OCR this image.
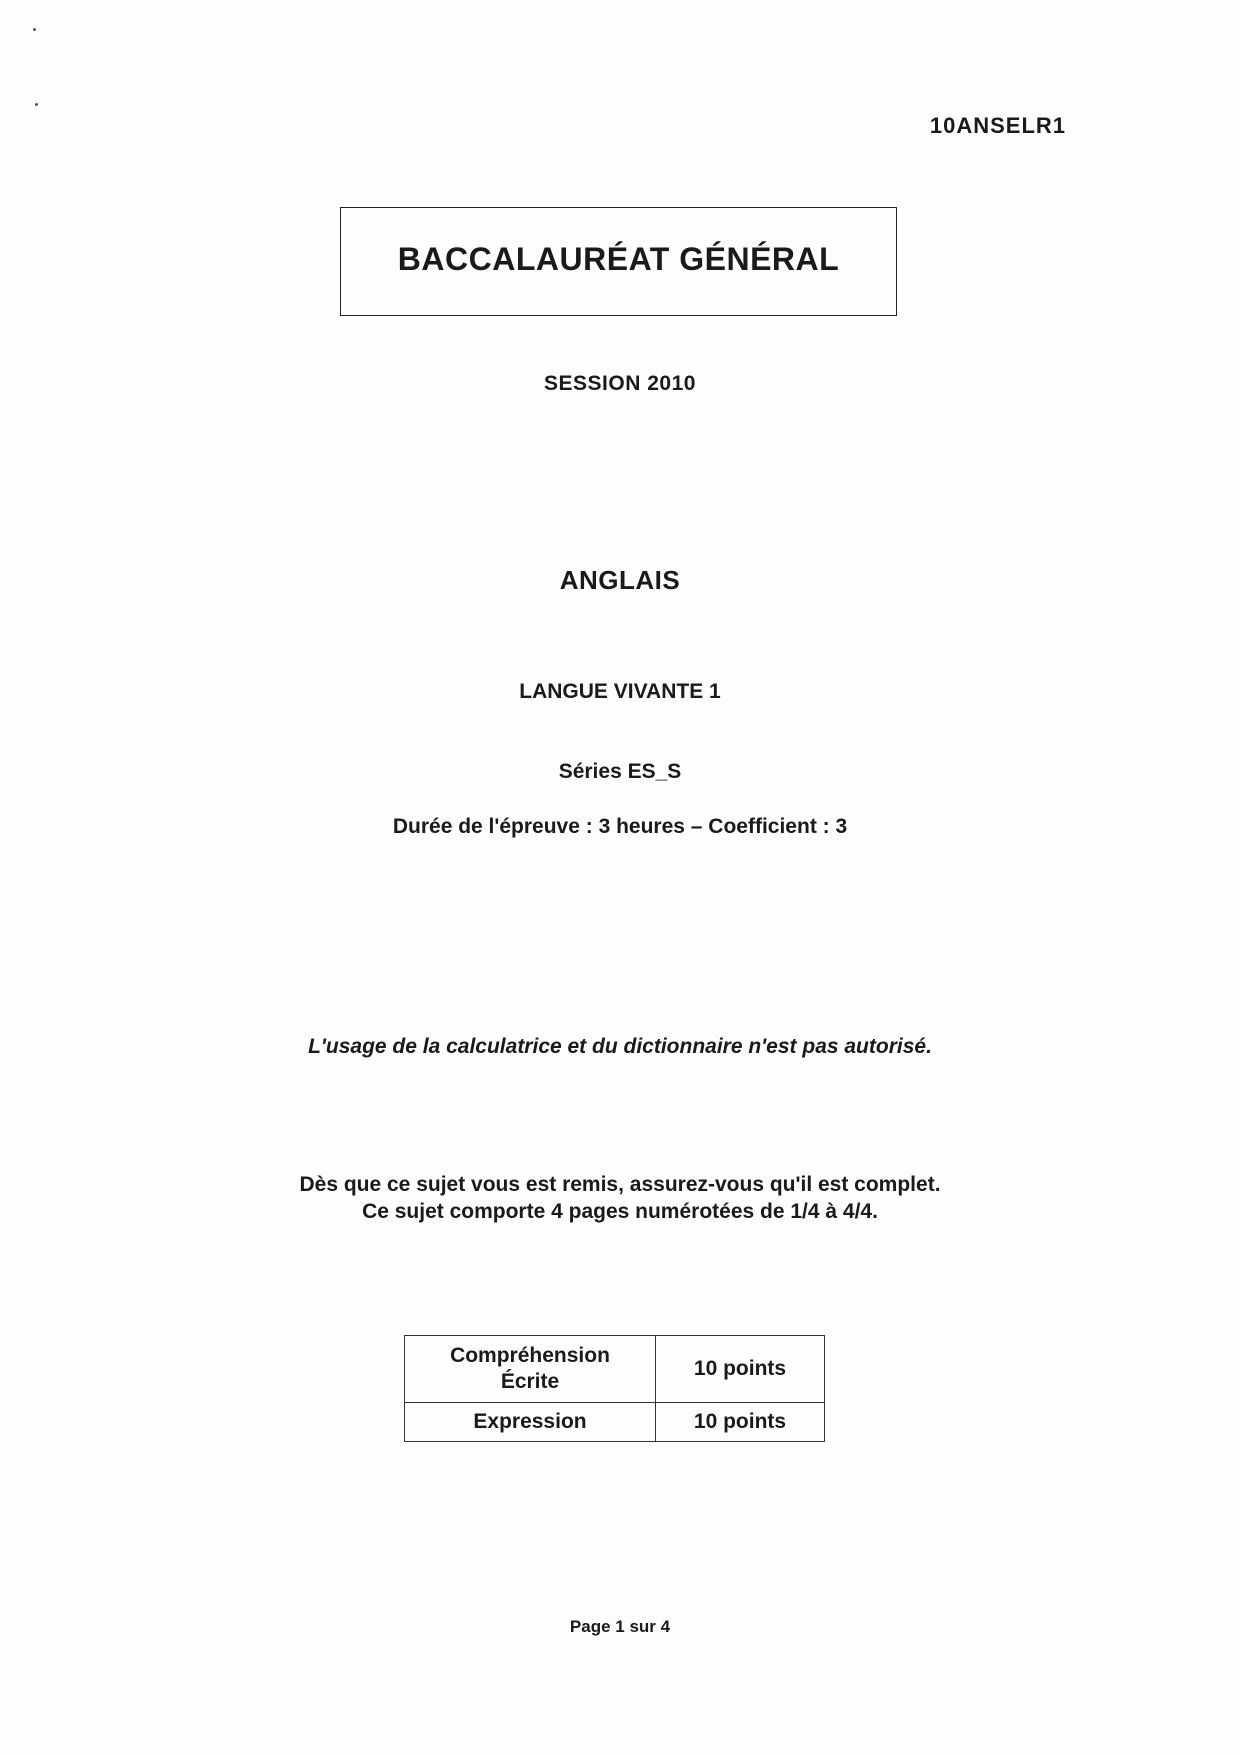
10ANSELR1
BACCALAURÉAT GÉNÉRAL
SESSION 2010
ANGLAIS
LANGUE VIVANTE 1
Séries ES_S
Durée de l'épreuve : 3 heures – Coefficient : 3
L'usage de la calculatrice et du dictionnaire n'est pas autorisé.
Dès que ce sujet vous est remis, assurez-vous qu'il est complet.
Ce sujet comporte 4 pages numérotées de 1/4 à 4/4.
Compréhension
Écrite	10 points
Expression	10 points
Page 1 sur 4
